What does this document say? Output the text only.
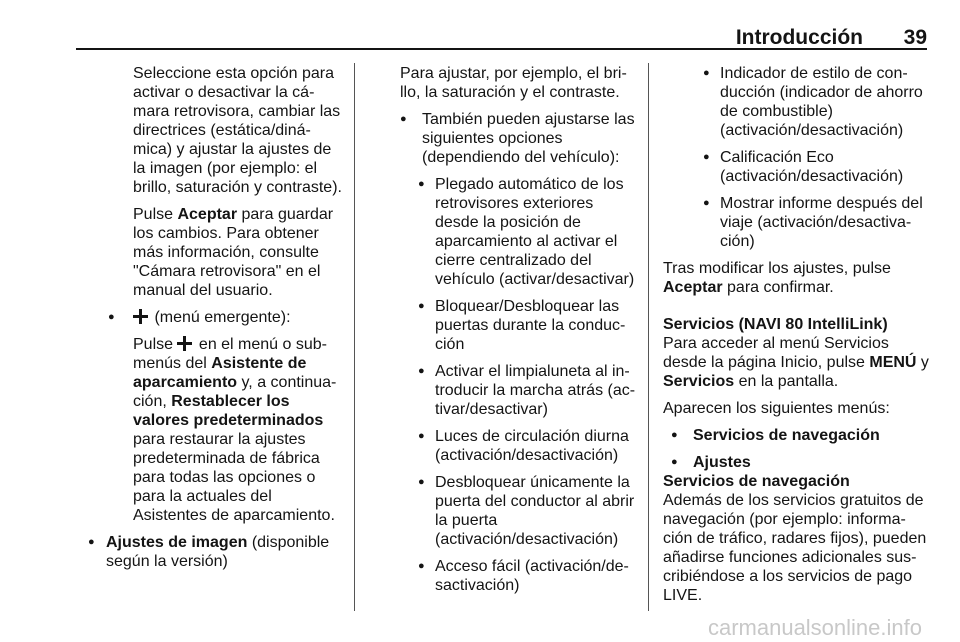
Introducción 39

Seleccione esta opción para activar o desactivar la cámara retrovisora, cambiar las directrices (estática/dinámica) y ajustar la ajustes de la imagen (por ejemplo: el brillo, saturación y contraste).

Pulse Aceptar para guardar los cambios. Para obtener más información, consulte "Cámara retrovisora" en el manual del usuario.

● (menú emergente):

Pulse  en el menú o submenús del Asistente de aparcamiento y, a continuación, Restablecer los valores predeterminados para restaurar la ajustes predeterminada de fábrica para todas las opciones o para la actuales del Asistentes de aparcamiento.

● Ajustes de imagen (disponible según la versión)

Para ajustar, por ejemplo, el brillo, la saturación y el contraste.

● También pueden ajustarse las siguientes opciones (dependiendo del vehículo):

● Plegado automático de los retrovisores exteriores desde la posición de aparcamiento al activar el cierre centralizado del vehículo (activar/desactivar)

● Bloquear/Desbloquear las puertas durante la conducción

● Activar el limpialuneta al introducir la marcha atrás (activar/desactivar)

● Luces de circulación diurna (activación/desactivación)

● Desbloquear únicamente la puerta del conductor al abrir la puerta (activación/desactivación)

● Acceso fácil (activación/desactivación)

● Indicador de estilo de conducción (indicador de ahorro de combustible) (activación/desactivación)

● Calificación Eco (activación/desactivación)

● Mostrar informe después del viaje (activación/desactivación)

Tras modificar los ajustes, pulse Aceptar para confirmar.

Servicios (NAVI 80 IntelliLink)

Para acceder al menú Servicios desde la página Inicio, pulse MENÚ y Servicios en la pantalla.

Aparecen los siguientes menús:

● Servicios de navegación

● Ajustes

Servicios de navegación

Además de los servicios gratuitos de navegación (por ejemplo: información de tráfico, radares fijos), pueden añadirse funciones adicionales suscribiéndose a los servicios de pago LIVE.

carmanualsonline.info
